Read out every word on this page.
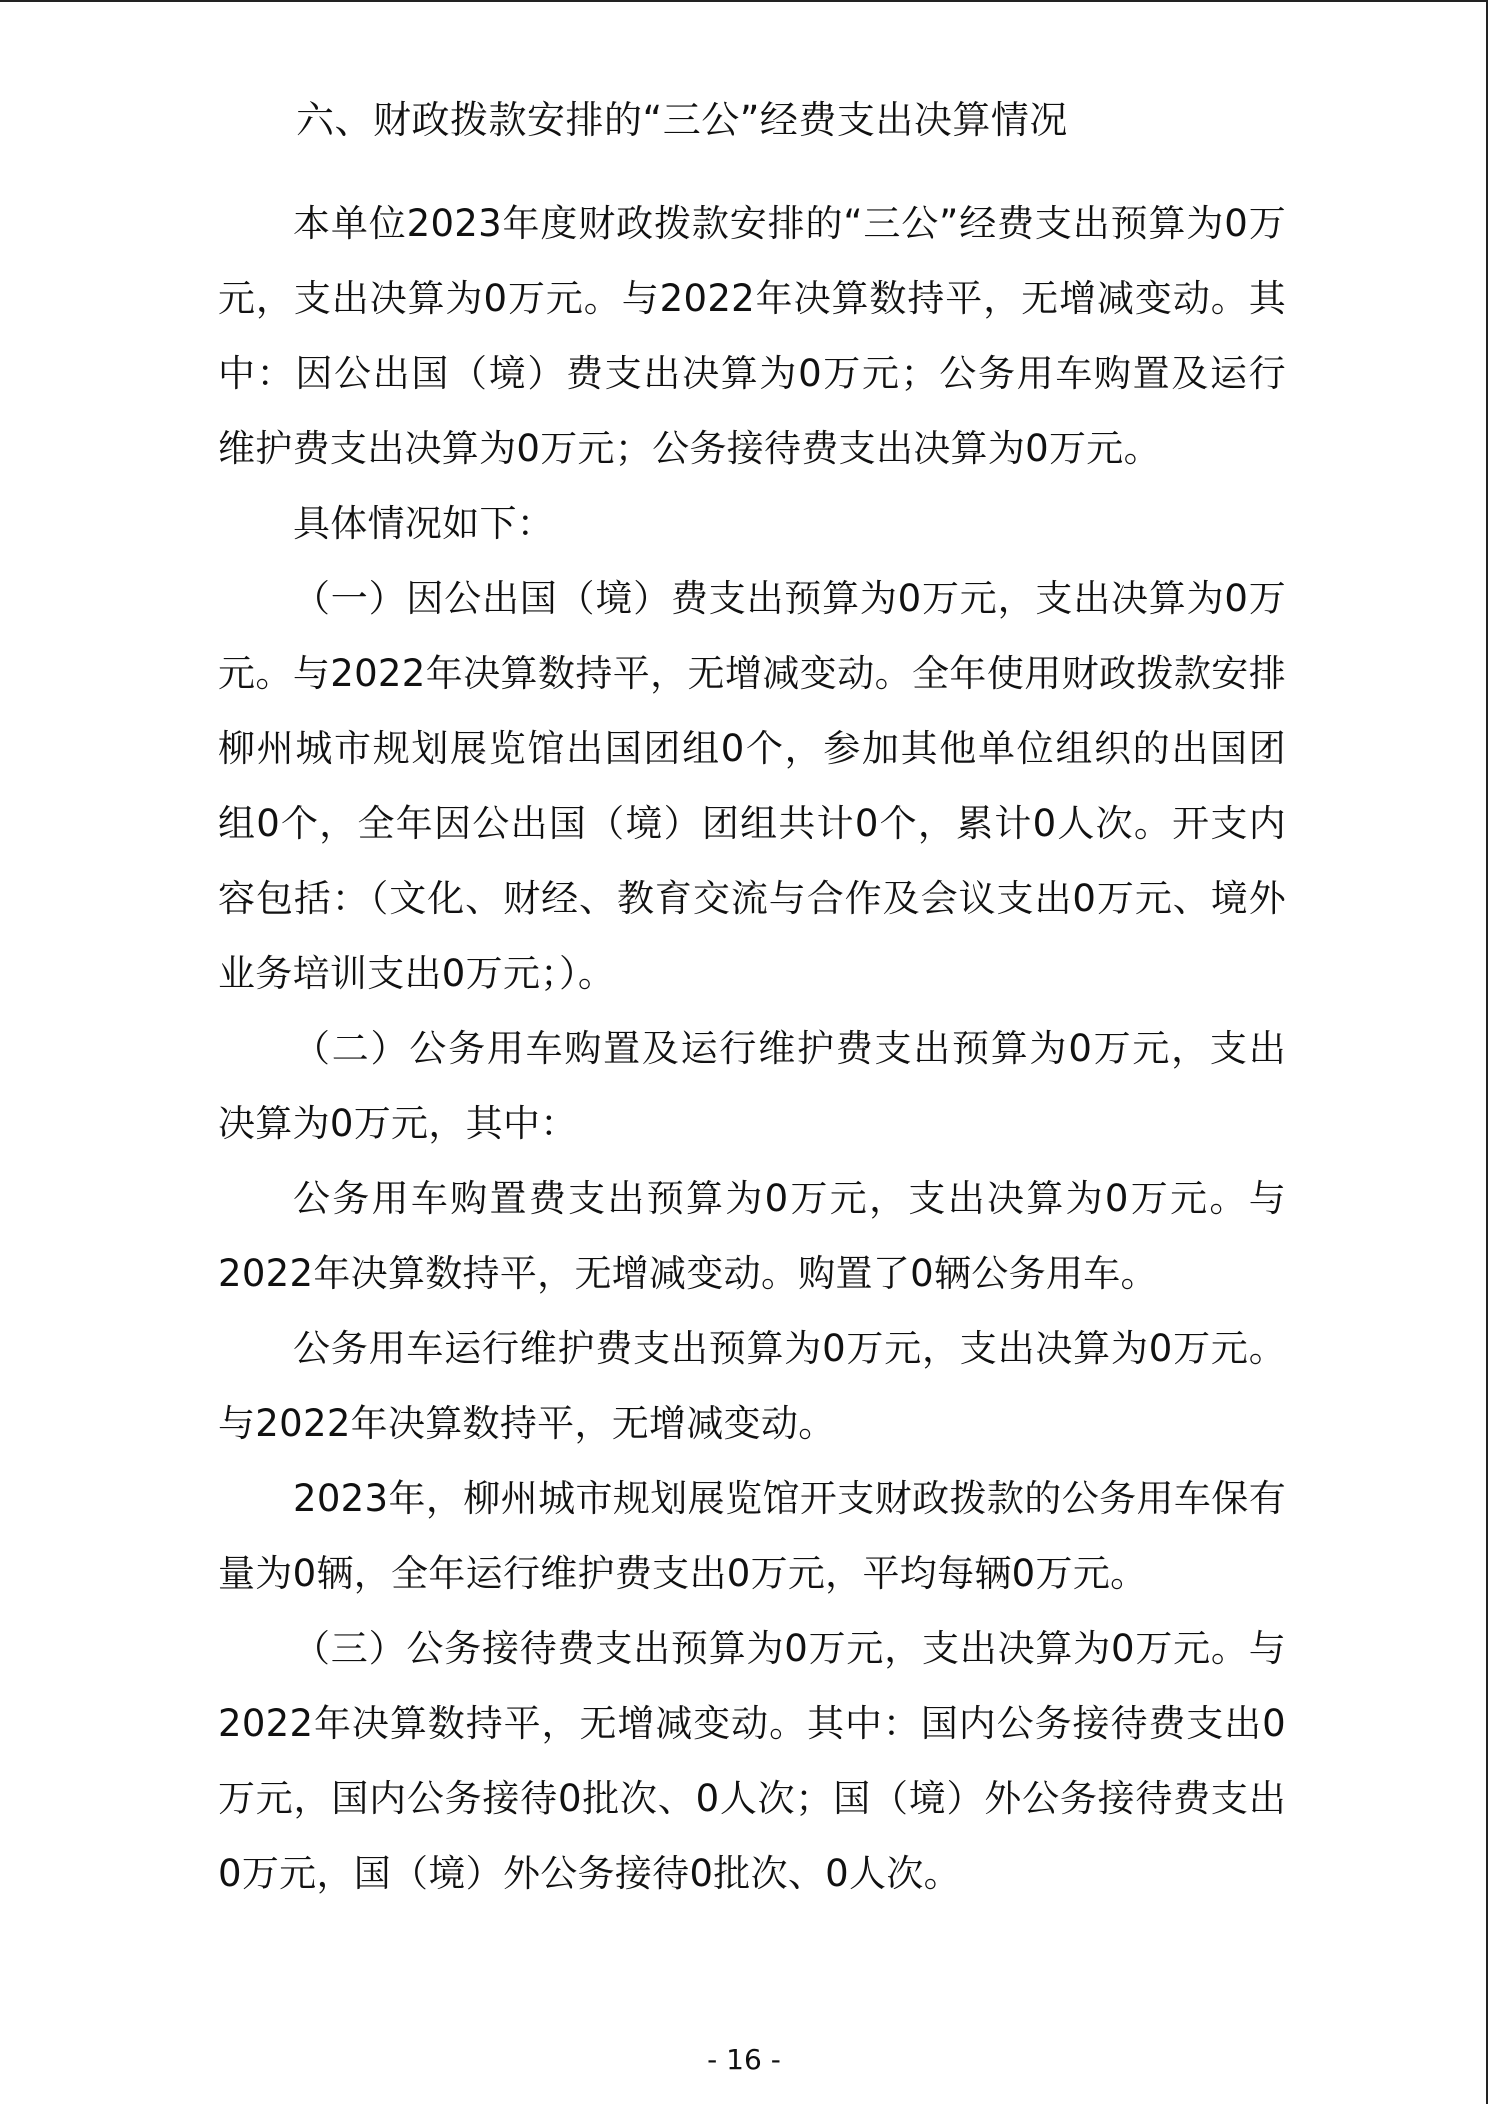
六、财政拨款安排的“三公”经费支出决算情况

本单位2023年度财政拨款安排的“三公”经费支出预算为0万元，支出决算为0万元。与2022年决算数持平，无增减变动。其中：因公出国（境）费支出决算为0万元；公务用车购置及运行维护费支出决算为0万元；公务接待费支出决算为0万元。

具体情况如下：

（一）因公出国（境）费支出预算为0万元，支出决算为0万元。与2022年决算数持平，无增减变动。全年使用财政拨款安排柳州城市规划展览馆出国团组0个，参加其他单位组织的出国团组0个，全年因公出国（境）团组共计0个，累计0人次。开支内容包括：（文化、财经、教育交流与合作及会议支出0万元、境外业务培训支出0万元；）。

（二）公务用车购置及运行维护费支出预算为0万元，支出决算为0万元，其中：

公务用车购置费支出预算为0万元，支出决算为0万元。与2022年决算数持平，无增减变动。购置了0辆公务用车。

公务用车运行维护费支出预算为0万元，支出决算为0万元。与2022年决算数持平，无增减变动。

2023年，柳州城市规划展览馆开支财政拨款的公务用车保有量为0辆，全年运行维护费支出0万元，平均每辆0万元。

（三）公务接待费支出预算为0万元，支出决算为0万元。与2022年决算数持平，无增减变动。其中：国内公务接待费支出0万元，国内公务接待0批次、0人次；国（境）外公务接待费支出0万元，国（境）外公务接待0批次、0人次。

- 16 -
